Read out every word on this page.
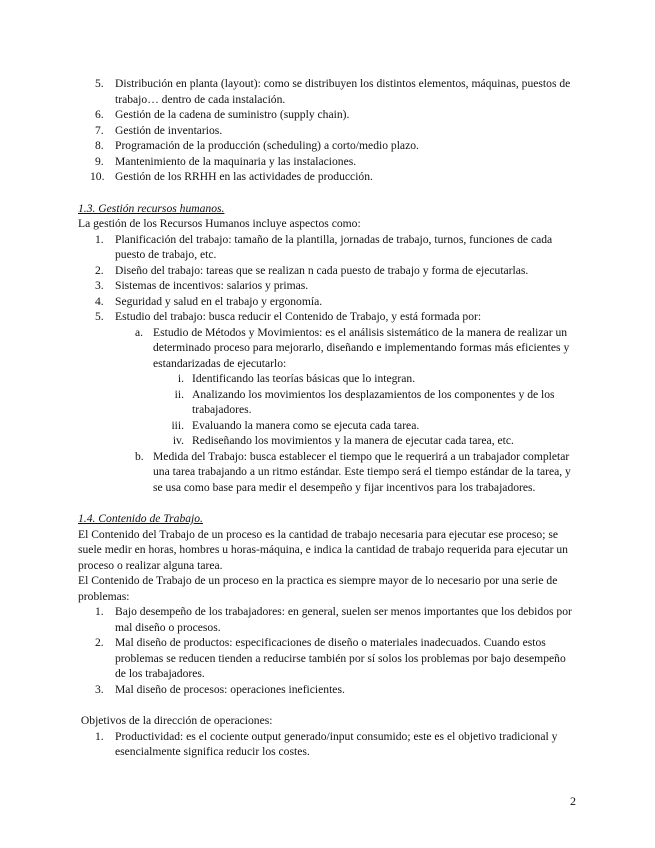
5. Distribución en planta (layout): como se distribuyen los distintos elementos, máquinas, puestos de trabajo… dentro de cada instalación.
6. Gestión de la cadena de suministro (supply chain).
7. Gestión de inventarios.
8. Programación de la producción (scheduling) a corto/medio plazo.
9. Mantenimiento de la maquinaria y las instalaciones.
10. Gestión de los RRHH en las actividades de producción.
1.3. Gestión recursos humanos.

La gestión de los Recursos Humanos incluye aspectos como:

1. Planificación del trabajo: tamaño de la plantilla, jornadas de trabajo, turnos, funciones de cada puesto de trabajo, etc.
2. Diseño del trabajo: tareas que se realizan n cada puesto de trabajo y forma de ejecutarlas.
3. Sistemas de incentivos: salarios y primas.
4. Seguridad y salud en el trabajo y ergonomía.
5. Estudio del trabajo: busca reducir el Contenido de Trabajo, y está formada por:
a. Estudio de Métodos y Movimientos: es el análisis sistemático de la manera de realizar un determinado proceso para mejorarlo, diseñando e implementando formas más eficientes y estandarizadas de ejecutarlo:
i. Identificando las teorías básicas que lo integran.
ii. Analizando los movimientos los desplazamientos de los componentes y de los trabajadores.
iii. Evaluando la manera como se ejecuta cada tarea.
iv. Rediseñando los movimientos y la manera de ejecutar cada tarea, etc.
b. Medida del Trabajo: busca establecer el tiempo que le requerirá a un trabajador completar una tarea trabajando a un ritmo estándar. Este tiempo será el tiempo estándar de la tarea, y se usa como base para medir el desempeño y fijar incentivos para los trabajadores.
1.4. Contenido de Trabajo.

El Contenido del Trabajo de un proceso es la cantidad de trabajo necesaria para ejecutar ese proceso; se suele medir en horas, hombres u horas-máquina, e indica la cantidad de trabajo requerida para ejecutar un proceso o realizar alguna tarea.

El Contenido de Trabajo de un proceso en la practica es siempre mayor de lo necesario por una serie de problemas:

1. Bajo desempeño de los trabajadores: en general, suelen ser menos importantes que los debidos por mal diseño o procesos.
2. Mal diseño de productos: especificaciones de diseño o materiales inadecuados. Cuando estos problemas se reducen tienden a reducirse también por sí solos los problemas por bajo desempeño de los trabajadores.
3. Mal diseño de procesos: operaciones ineficientes.

Objetivos de la dirección de operaciones:

1. Productividad: es el cociente output generado/input consumido; este es el objetivo tradicional y esencialmente significa reducir los costes.
2
